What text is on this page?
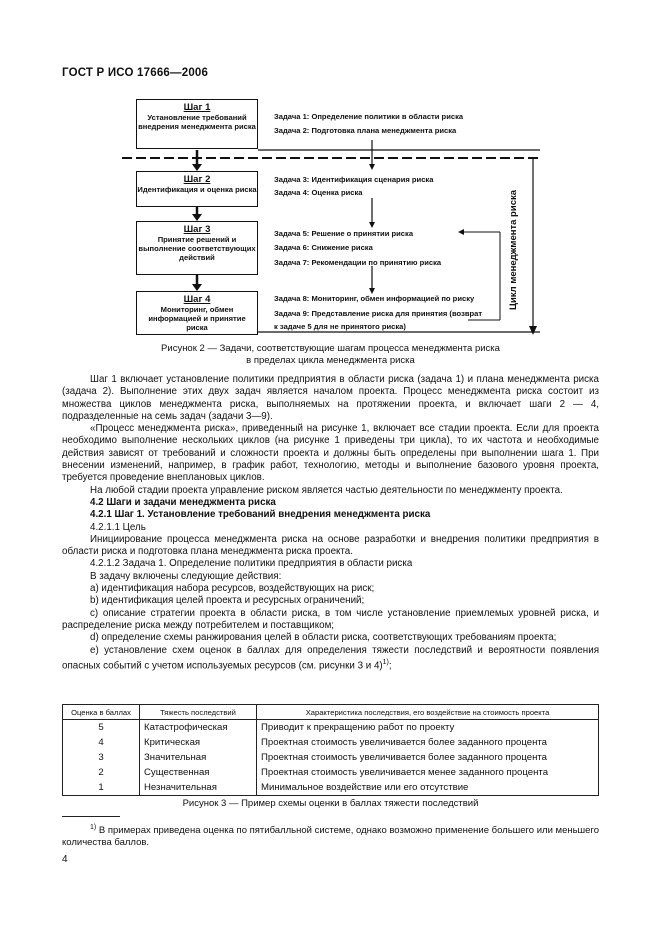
ГОСТ Р ИСО 17666—2006
Шаг 1
Установление требований внедрения менеджмента риска
Шаг 2
Идентификация и оценка риска
Шаг 3
Принятие решений и выполнение соответствующих действий
Шаг 4
Мониторинг, обмен информацией и принятие риска
Задача 1: Определение политики в области риска
Задача 2: Подготовка плана менеджмента риска
Задача 3: Идентификация сценария риска
Задача 4: Оценка риска
Задача 5: Решение о принятии риска
Задача 6: Снижение риска
Задача 7: Рекомендации по принятию риска
Задача 8: Мониторинг, обмен информацией по риску
Задача 9: Представление риска для принятия (возврат
к задаче 5 для не принятого риска)
Цикл менеджмента риска
Рисунок 2 — Задачи, соответствующие шагам процесса менеджмента риска
в пределах цикла менеджмента риска

Шаг 1 включает установление политики предприятия в области риска (задача 1) и плана менеджмента риска (задача 2). Выполнение этих двух задач является началом проекта. Процесс менеджмента риска состоит из множества циклов менеджмента риска, выполняемых на протяжении проекта, и включает шаги 2 — 4, подразделенные на семь задач (задачи 3—9).

«Процесс менеджмента риска», приведенный на рисунке 1, включает все стадии проекта. Если для проекта необходимо выполнение нескольких циклов (на рисунке 1 приведены три цикла), то их частота и необходимые действия зависят от требований и сложности проекта и должны быть определены при выполнении шага 1. При внесении изменений, например, в график работ, технологию, методы и выполнение базового уровня проекта, требуется проведение внеплановых циклов.

На любой стадии проекта управление риском является частью деятельности по менеджменту проекта.

4.2 Шаги и задачи менеджмента риска

4.2.1 Шаг 1. Установление требований внедрения менеджмента риска

4.2.1.1 Цель

Инициирование процесса менеджмента риска на основе разработки и внедрения политики предприятия в области риска и подготовка плана менеджмента риска проекта.

4.2.1.2 Задача 1. Определение политики предприятия в области риска

В задачу включены следующие действия:

a) идентификация набора ресурсов, воздействующих на риск;

b) идентификация целей проекта и ресурсных ограничений;

c) описание стратегии проекта в области риска, в том числе установление приемлемых уровней риска, и распределение риска между потребителем и поставщиком;

d) определение схемы ранжирования целей в области риска, соответствующих требованиям проекта;

e) установление схем оценок в баллах для определения тяжести последствий и вероятности появления опасных событий с учетом используемых ресурсов (см. рисунки 3 и 4)$^{1)}$;

Оценка в баллах	Тяжесть последствий	Характеристика последствия, его воздействие на стоимость проекта
5	Катастрофическая	Приводит к прекращению работ по проекту
4	Критическая	Проектная стоимость увеличивается более заданного процента
3	Значительная	Проектная стоимость увеличивается более заданного процента
2	Существенная	Проектная стоимость увеличивается менее заданного процента
1	Незначительная	Минимальное воздействие или его отсутствие
Рисунок 3 — Пример схемы оценки в баллах тяжести последствий

$^{1)}$ В примерах приведена оценка по пятибалльной системе, однако возможно применение большего или меньшего количества баллов.

4
